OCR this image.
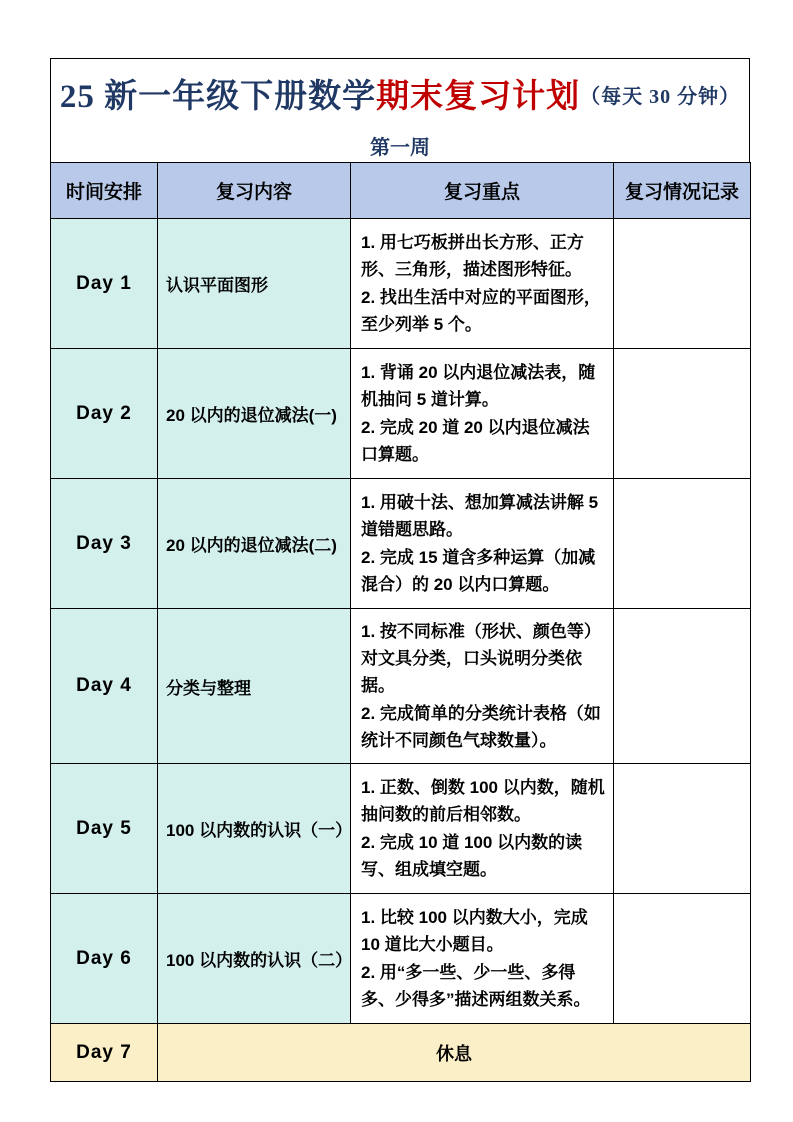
25 新一年级下册数学期末复习计划（每天 30 分钟）
第一周
时间安排	复习内容	复习重点	复习情况记录
Day 1	认识平面图形	1. 用七巧板拼出长方形、正方形、三角形，描述图形特征。
2. 找出生活中对应的平面图形，至少列举 5 个。	

Day 2	20 以内的退位减法(一)	1. 背诵 20 以内退位减法表，随机抽问 5 道计算。
2. 完成 20 道 20 以内退位减法口算题。	

Day 3	20 以内的退位减法(二)	1. 用破十法、想加算减法讲解 5 道错题思路。
2. 完成 15 道含多种运算（加减混合）的 20 以内口算题。	

Day 4	分类与整理	1. 按不同标准（形状、颜色等）对文具分类，口头说明分类依据。
2. 完成简单的分类统计表格（如统计不同颜色气球数量）。	

Day 5	100 以内数的认识（一）	1. 正数、倒数 100 以内数，随机抽问数的前后相邻数。
2. 完成 10 道 100 以内数的读写、组成填空题。	

Day 6	100 以内数的认识（二）	1. 比较 100 以内数大小，完成 10 道比大小题目。
2. 用“多一些、少一些、多得多、少得多”描述两组数关系。	

Day 7	休息		
